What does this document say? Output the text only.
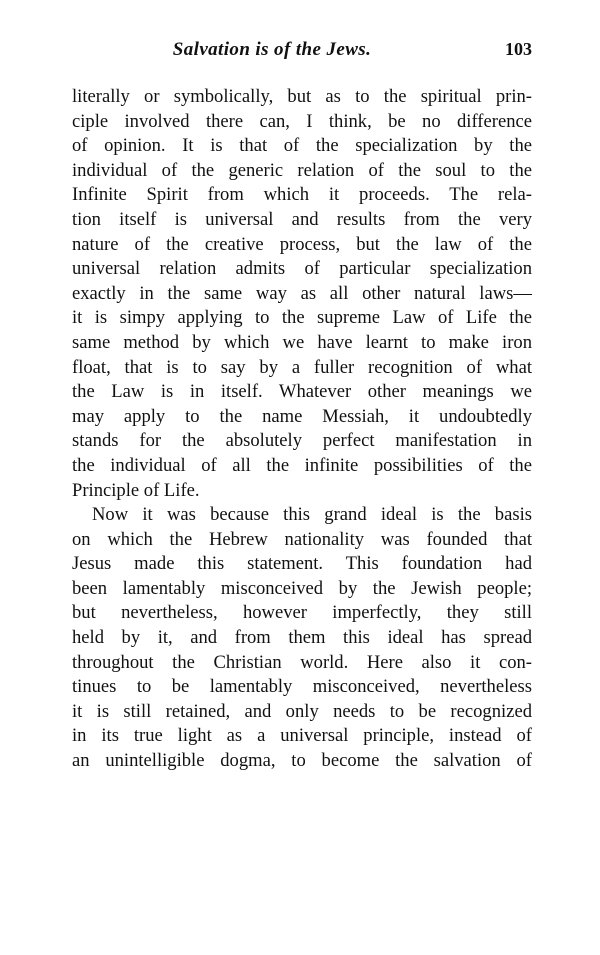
Salvation is of the Jews.	103
literally or symbolically, but as to the spiritual prin-
ciple involved there can, I think, be no difference
of opinion. It is that of the specialization by the
individual of the generic relation of the soul to the
Infinite Spirit from which it proceeds. The rela-
tion itself is universal and results from the very
nature of the creative process, but the law of the
universal relation admits of particular specialization
exactly in the same way as all other natural laws—
it is simpy applying to the supreme Law of Life the
same method by which we have learnt to make iron
float, that is to say by a fuller recognition of what
the Law is in itself. Whatever other meanings we
may apply to the name Messiah, it undoubtedly
stands for the absolutely perfect manifestation in
the individual of all the infinite possibilities of the
Principle of Life.
Now it was because this grand ideal is the basis
on which the Hebrew nationality was founded that
Jesus made this statement. This foundation had
been lamentably misconceived by the Jewish people;
but nevertheless, however imperfectly, they still
held by it, and from them this ideal has spread
throughout the Christian world. Here also it con-
tinues to be lamentably misconceived, nevertheless
it is still retained, and only needs to be recognized
in its true light as a universal principle, instead of
an unintelligible dogma, to become the salvation of
